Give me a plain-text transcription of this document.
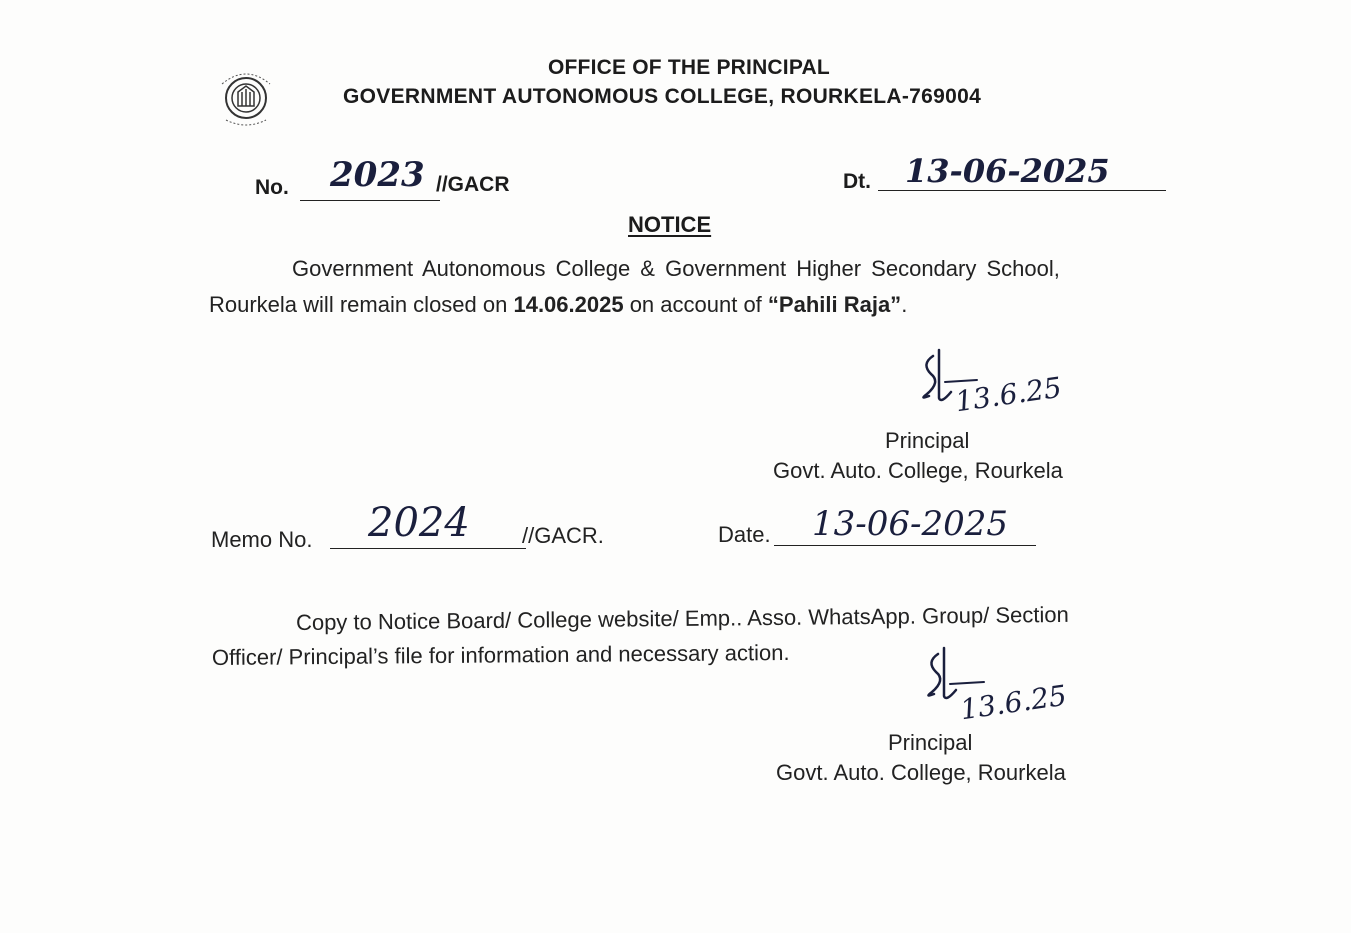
OFFICE OF THE PRINCIPAL
GOVERNMENT AUTONOMOUS COLLEGE, ROURKELA-769004
No. 2023 //GACR	Dt. 13-06-2025
NOTICE
Government Autonomous College & Government Higher Secondary School,
Rourkela will remain closed on 14.06.2025 on account of “Pahili Raja”.
13.6.25
Principal
Govt. Auto. College, Rourkela
Memo No. 2024 //GACR.	Date. 13-06-2025
Copy to Notice Board/ College website/ Emp.. Asso. WhatsApp. Group/ Section
Officer/ Principal’s file for information and necessary action.
13.6.25
Principal
Govt. Auto. College, Rourkela
